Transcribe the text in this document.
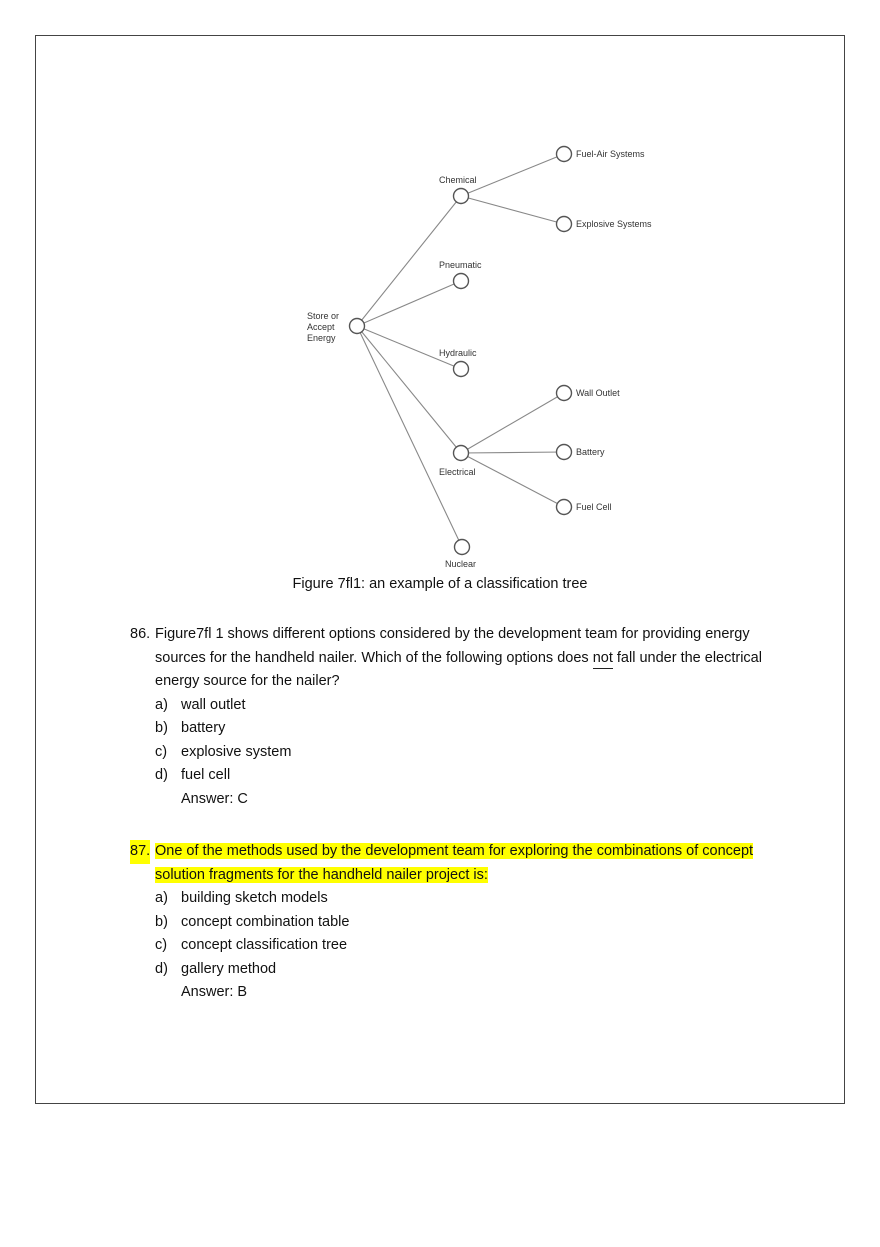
Store or
Accept
Energy
Chemical
Pneumatic
Hydraulic
Electrical
Nuclear
Fuel-Air Systems
Explosive Systems
Wall Outlet
Battery
Fuel Cell
Figure 7fl1: an example of a classification tree
86. Figure7fl 1 shows different options considered by the development team for providing energy sources for the handheld nailer. Which of the following options does not fall under the electrical energy source for the nailer?
a) wall outlet
b) battery
c) explosive system
d) fuel cell
Answer: C
87. One of the methods used by the development team for exploring the combinations of concept solution fragments for the handheld nailer project is:
a) building sketch models
b) concept combination table
c) concept classification tree
d) gallery method
Answer: B
